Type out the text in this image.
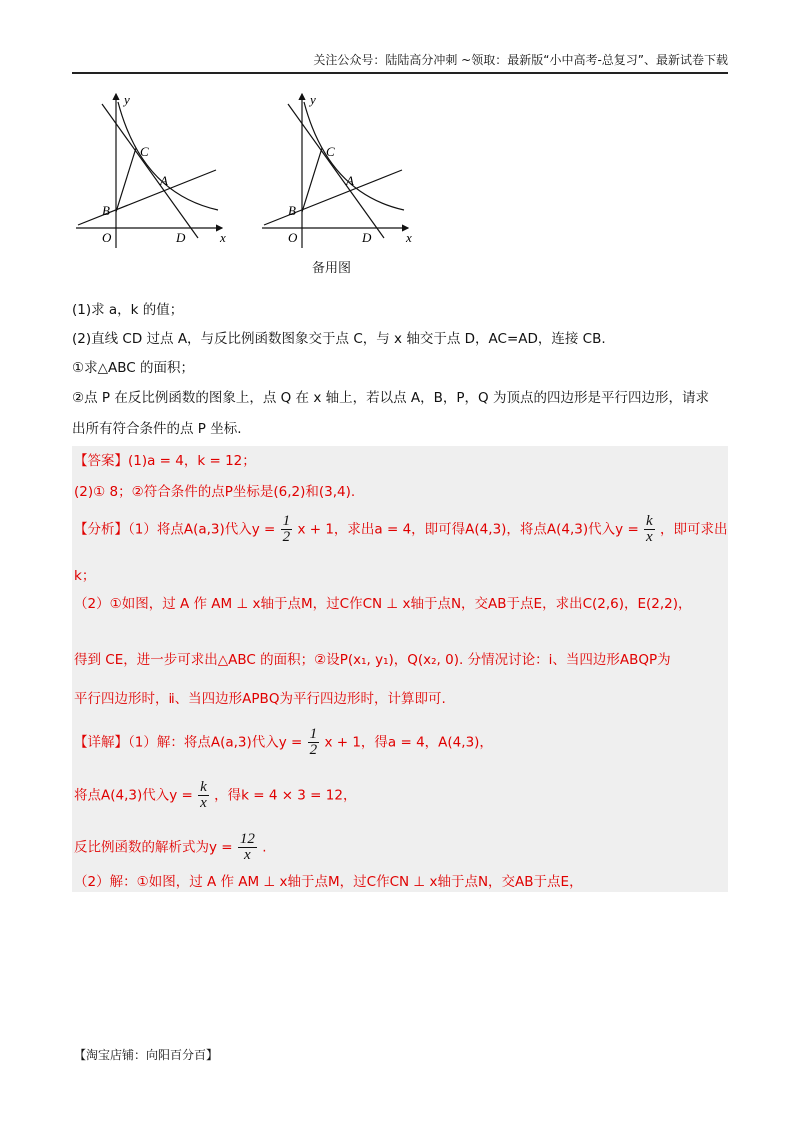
关注公众号：陆陆高分冲刺 ~领取：最新版“小中高考-总复习”、最新试卷下载
y
x
O
B
C
A
D
y
x
O
B
C
A
D
备用图
(1)求 a，k 的值；
(2)直线 CD 过点 A，与反比例函数图象交于点 C，与 x 轴交于点 D，AC=AD，连接 CB.
①求△ABC 的面积；
②点 P 在反比例函数的图象上，点 Q 在 x 轴上，若以点 A，B，P，Q 为顶点的四边形是平行四边形，请求
出所有符合条件的点 P 坐标.
【答案】(1)a = 4，k = 12；
(2)① 8；②符合条件的点P坐标是(6,2)和(3,4).
【分析】（1）将点A(a,3)代入$y = \frac{1}{2}$ x + 1，求出a = 4，即可得A(4,3)，将点A(4,3)代入$y = \frac{k}{x}$ ，即可求出
k；
（2）①如图，过 A 作 AM ⊥ x轴于点M，过C作CN ⊥ x轴于点N，交AB于点E，求出C(2,6)，E(2,2)，
得到 CE，进一步可求出△ABC 的面积；②设P(x₁, y₁)，Q(x₂, 0). 分情况讨论：ⅰ、当四边形ABQP为
平行四边形时，ⅱ、当四边形APBQ为平行四边形时，计算即可.
【详解】（1）解：将点A(a,3)代入$y = \frac{1}{2}$ x + 1，得a = 4，A(4,3)，
将点A(4,3)代入$y = \frac{k}{x}$ ，得k = 4 × 3 = 12，
反比例函数的解析式为$y = \frac{12}{x}$ .
（2）解：①如图，过 A 作 AM ⊥ x轴于点M，过C作CN ⊥ x轴于点N，交AB于点E，
【淘宝店铺：向阳百分百】
